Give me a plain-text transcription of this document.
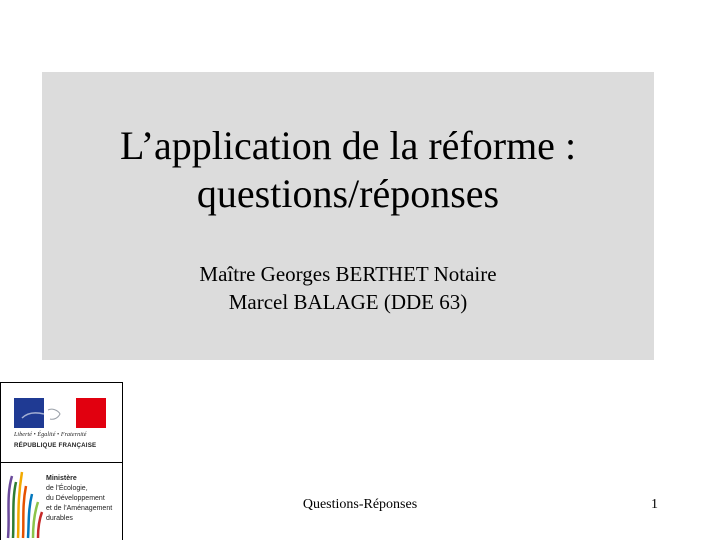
L’application de la réforme :
questions/réponses
Maître Georges BERTHET Notaire
Marcel BALAGE (DDE 63)
Liberté • Égalité • Fraternité
RÉPUBLIQUE FRANÇAISE
Ministère
de l’Écologie,
du Développement
et de l’Aménagement
durables
Questions-Réponses	1
